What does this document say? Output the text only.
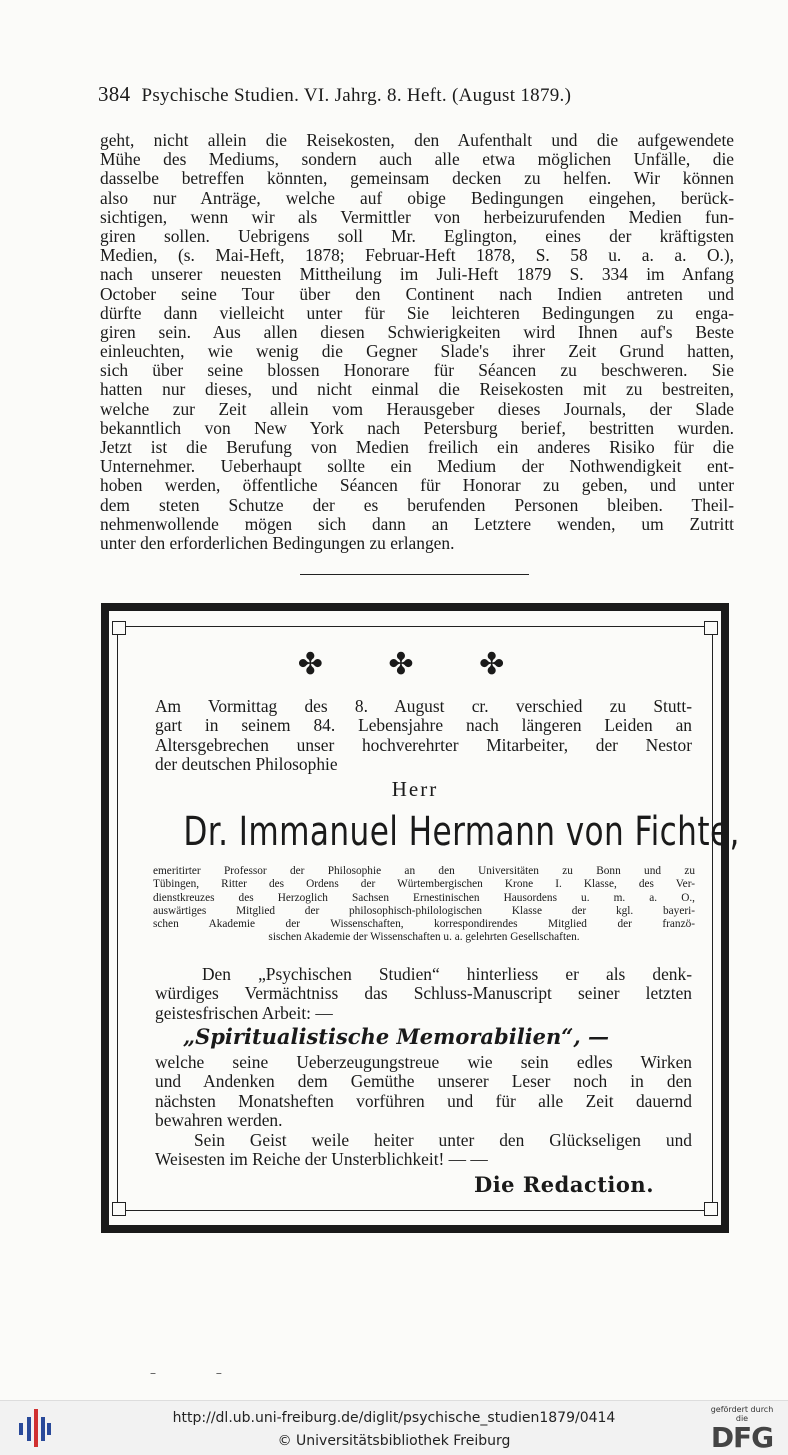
384 Psychische Studien. VI. Jahrg. 8. Heft. (August 1879.)
geht, nicht allein die Reisekosten, den Aufenthalt und die aufgewendete
Mühe des Mediums, sondern auch alle etwa möglichen Unfälle, die
dasselbe betreffen könnten, gemeinsam decken zu helfen. Wir können
also nur Anträge, welche auf obige Bedingungen eingehen, berück-
sichtigen, wenn wir als Vermittler von herbeizurufenden Medien fun-
giren sollen. Uebrigens soll Mr. Eglington, eines der kräftigsten
Medien, (s. Mai-Heft, 1878; Februar-Heft 1878, S. 58 u. a. a. O.),
nach unserer neuesten Mittheilung im Juli-Heft 1879 S. 334 im Anfang
October seine Tour über den Continent nach Indien antreten und
dürfte dann vielleicht unter für Sie leichteren Bedingungen zu enga-
giren sein. Aus allen diesen Schwierigkeiten wird Ihnen auf's Beste
einleuchten, wie wenig die Gegner Slade's ihrer Zeit Grund hatten,
sich über seine blossen Honorare für Séancen zu beschweren. Sie
hatten nur dieses, und nicht einmal die Reisekosten mit zu bestreiten,
welche zur Zeit allein vom Herausgeber dieses Journals, der Slade
bekanntlich von New York nach Petersburg berief, bestritten wurden.
Jetzt ist die Berufung von Medien freilich ein anderes Risiko für die
Unternehmer. Ueberhaupt sollte ein Medium der Nothwendigkeit ent-
hoben werden, öffentliche Séancen für Honorar zu geben, und unter
dem steten Schutze der es berufenden Personen bleiben. Theil-
nehmenwollende mögen sich dann an Letztere wenden, um Zutritt
unter den erforderlichen Bedingungen zu erlangen.
✤ ✤ ✤
Am Vormittag des 8. August cr. verschied zu Stutt-
gart in seinem 84. Lebensjahre nach längeren Leiden an
Altersgebrechen unser hochverehrter Mitarbeiter, der Nestor
der deutschen Philosophie
Herr
Dr. Immanuel Hermann von Fichte,
emeritirter Professor der Philosophie an den Universitäten zu Bonn und zu
Tübingen, Ritter des Ordens der Würtembergischen Krone I. Klasse, des Ver-
dienstkreuzes des Herzoglich Sachsen Ernestinischen Hausordens u. m. a. O.,
auswärtiges Mitglied der philosophisch-philologischen Klasse der kgl. bayeri-
schen Akademie der Wissenschaften, korrespondirendes Mitglied der franzö-
sischen Akademie der Wissenschaften u. a. gelehrten Gesellschaften.
Den „Psychischen Studien“ hinterliess er als denk-
würdiges Vermächtniss das Schluss-Manuscript seiner letzten
geistesfrischen Arbeit: —
„Spiritualistische Memorabilien“, —
welche seine Ueberzeugungstreue wie sein edles Wirken
und Andenken dem Gemüthe unserer Leser noch in den
nächsten Monatsheften vorführen und für alle Zeit dauernd
bewahren werden.
Sein Geist weile heiter unter den Glückseligen und
Weisesten im Reiche der Unsterblichkeit! — —
Die Redaction.
– –
http://dl.ub.uni-freiburg.de/diglit/psychische_studien1879/0414
© Universitätsbibliothek Freiburg
gefördert durch die
DFG
